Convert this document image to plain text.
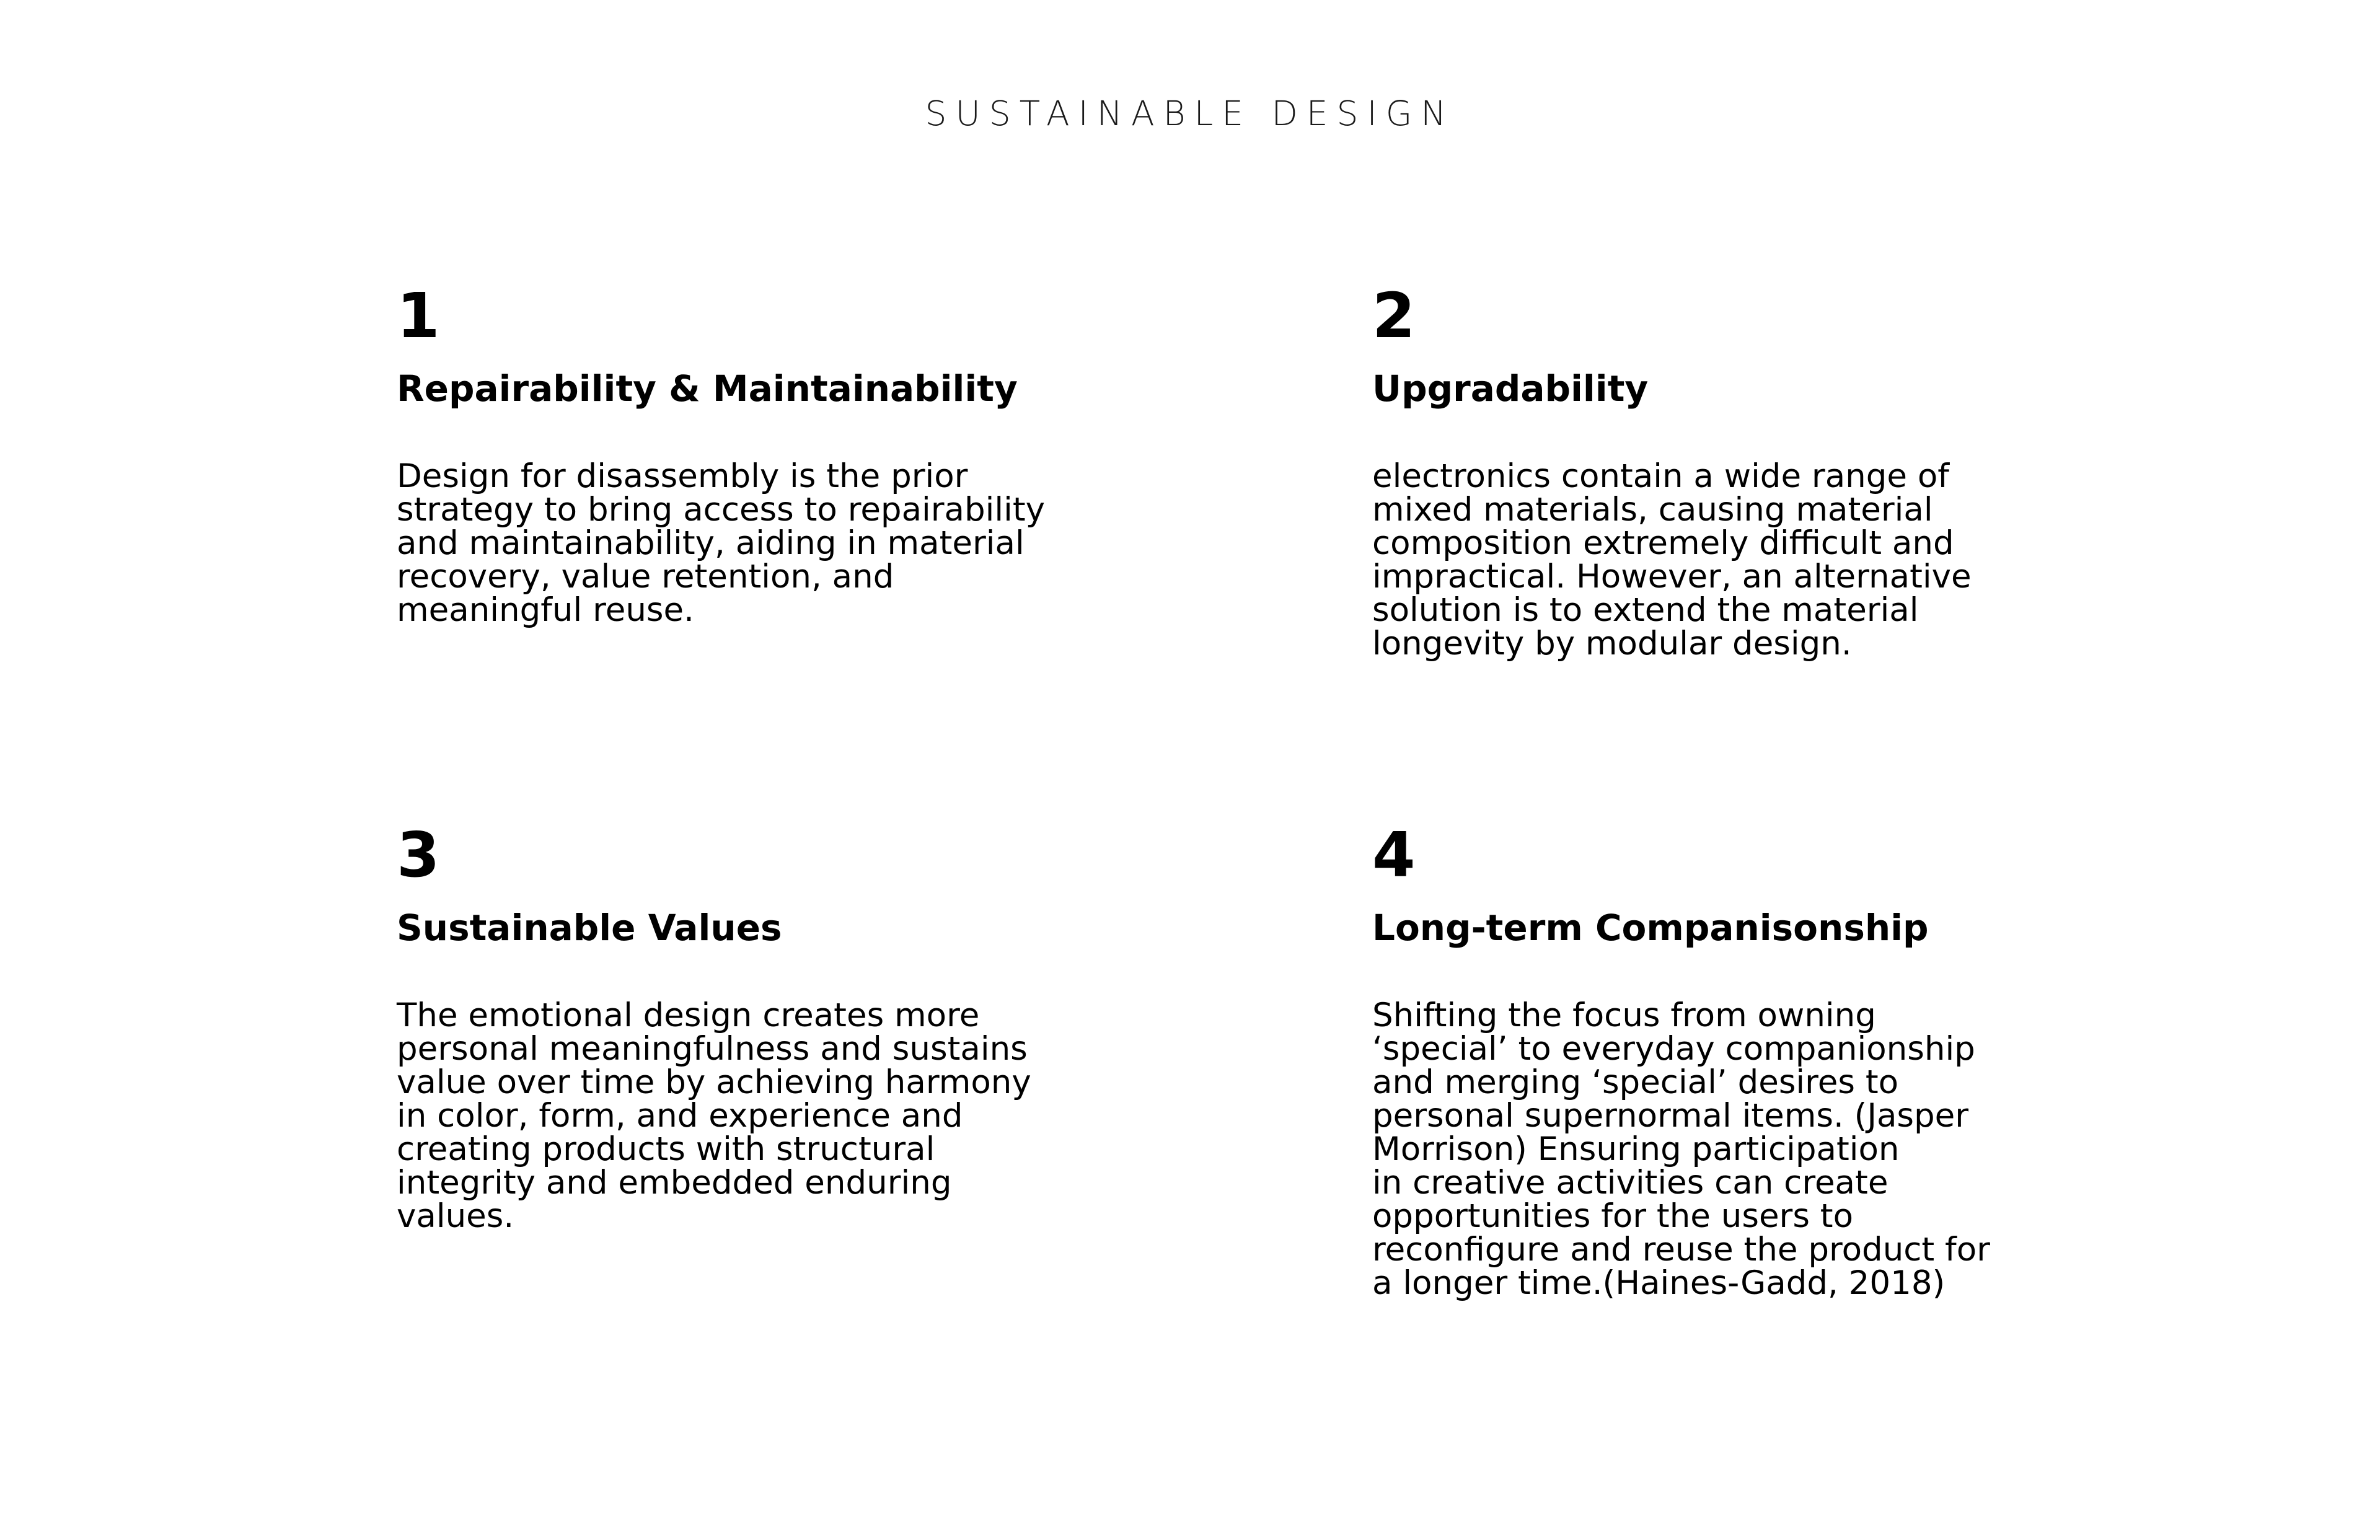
SUSTAINABLE DESIGN
1
Repairability & Maintainability
Design for disassembly is the prior
strategy to bring access to repairability
and maintainability, aiding in material
recovery, value retention, and
meaningful reuse.
2
Upgradability
electronics contain a wide range of
mixed materials, causing material
composition extremely difficult and
impractical. However, an alternative
solution is to extend the material
longevity by modular design.
3
Sustainable Values
The emotional design creates more
personal meaningfulness and sustains
value over time by achieving harmony
in color, form, and experience and
creating products with structural
integrity and embedded enduring
values.
4
Long-term Companisonship
Shifting the focus from owning
‘special’ to everyday companionship
and merging ‘special’ desires to
personal supernormal items. (Jasper
Morrison) Ensuring participation
in creative activities can create
opportunities for the users to
reconfigure and reuse the product for
a longer time.(Haines-Gadd, 2018)
